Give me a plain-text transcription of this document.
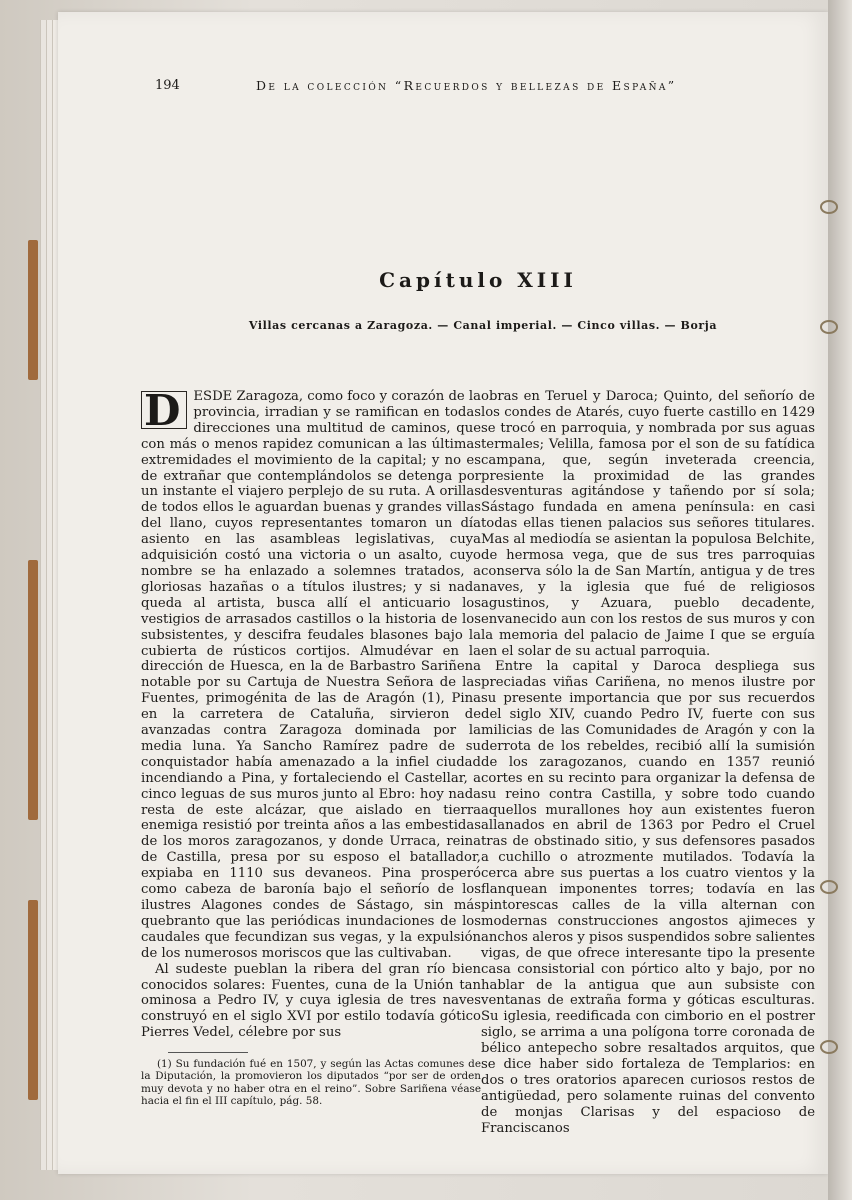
194	De la colección “Recuerdos y bellezas de España”
Capítulo XIII
Villas cercanas a Zaragoza. — Canal imperial. — Cinco villas. — Borja

D ESDE Zaragoza, como foco y corazón de la provincia, irradian y se ramifican en todas direcciones una multitud de caminos, que con más o menos rapidez comunican a las últimas extremidades el movimiento de la capital; y no es de extrañar que contemplándolos se detenga por un instante el viajero perplejo de su ruta. A orillas de todos ellos le aguardan buenas y grandes villas del llano, cuyos representantes tomaron un día asiento en las asambleas legislativas, cuya adquisición costó una victoria o un asalto, cuyo nombre se ha enlazado a solemnes tratados, a gloriosas hazañas o a títulos ilustres; y si nada queda al artista, busca allí el anticuario los vestigios de arrasados castillos o la historia de los subsistentes, y descifra feudales blasones bajo la cubierta de rústicos cortijos. Almudévar en la dirección de Huesca, en la de Barbastro Sariñena notable por su Cartuja de Nuestra Señora de las Fuentes, primogénita de las de Aragón (1), Pina en la carretera de Cataluña, sirvieron de avanzadas contra Zaragoza dominada por la media luna. Ya Sancho Ramírez padre de su conquistador había amenazado a la infiel ciudad incendiando a Pina, y fortaleciendo el Castellar, a cinco leguas de sus muros junto al Ebro: hoy nada resta de este alcázar, que aislado en tierra enemiga resistió por treinta años a las embestidas de los moros zaragozanos, y donde Urraca, reina de Castilla, presa por su esposo el batallador, expiaba en 1110 sus devaneos. Pina prosperó como cabeza de baronía bajo el señorío de los ilustres Alagones condes de Sástago, sin más quebranto que las periódicas inundaciones de los caudales que fecundizan sus vegas, y la expulsión de los numerosos moriscos que las cultivaban.

Al sudeste pueblan la ribera del gran río bien conocidos solares: Fuentes, cuna de la Unión tan ominosa a Pedro IV, y cuya iglesia de tres naves construyó en el siglo XVI por estilo todavía gótico Pierres Vedel, célebre por sus

obras en Teruel y Daroca; Quinto, del señorío de los condes de Atarés, cuyo fuerte castillo en 1429 se trocó en parroquia, y nombrada por sus aguas termales; Velilla, famosa por el son de su fatídica campana, que, según inveterada creencia, presiente la proximidad de las grandes desventuras agitándose y tañendo por sí sola; Sástago fundada en amena península: en casi todas ellas tienen palacios sus señores titulares. Mas al mediodía se asientan la populosa Belchite, de hermosa vega, que de sus tres parroquias conserva sólo la de San Martín, antigua y de tres naves, y la iglesia que fué de religiosos agustinos, y Azuara, pueblo decadente, envanecido aun con los restos de sus muros y con la memoria del palacio de Jaime I que se erguía en el solar de su actual parroquia.

Entre la capital y Daroca despliega sus preciadas viñas Cariñena, no menos ilustre por su presente importancia que por sus recuerdos del siglo XIV, cuando Pedro IV, fuerte con sus milicias de las Comunidades de Aragón y con la derrota de los rebeldes, recibió allí la sumisión de los zaragozanos, cuando en 1357 reunió cortes en su recinto para organizar la defensa de su reino contra Castilla, y sobre todo cuando aquellos murallones hoy aun existentes fueron allanados en abril de 1363 por Pedro el Cruel tras de obstinado sitio, y sus defensores pasados a cuchillo o atrozmente mutilados. Todavía la cerca abre sus puertas a los cuatro vientos y la flanquean imponentes torres; todavía en las pintorescas calles de la villa alternan con modernas construcciones angostos ajimeces y anchos aleros y pisos suspendidos sobre salientes vigas, de que ofrece interesante tipo la presente casa consistorial con pórtico alto y bajo, por no hablar de la antigua que aun subsiste con ventanas de extraña forma y góticas esculturas. Su iglesia, reedificada con cimborio en el postrer siglo, se arrima a una polígona torre coronada de bélico antepecho sobre resaltados arquitos, que se dice haber sido fortaleza de Templarios: en dos o tres oratorios aparecen curiosos restos de antigüedad, pero solamente ruinas del convento de monjas Clarisas y del espacioso de Franciscanos

(1) Su fundación fué en 1507, y según las Actas comunes de la Diputación, la promovieron los diputados “por ser de orden muy devota y no haber otra en el reino”. Sobre Sariñena véase hacia el fin el III capítulo, pág. 58.
